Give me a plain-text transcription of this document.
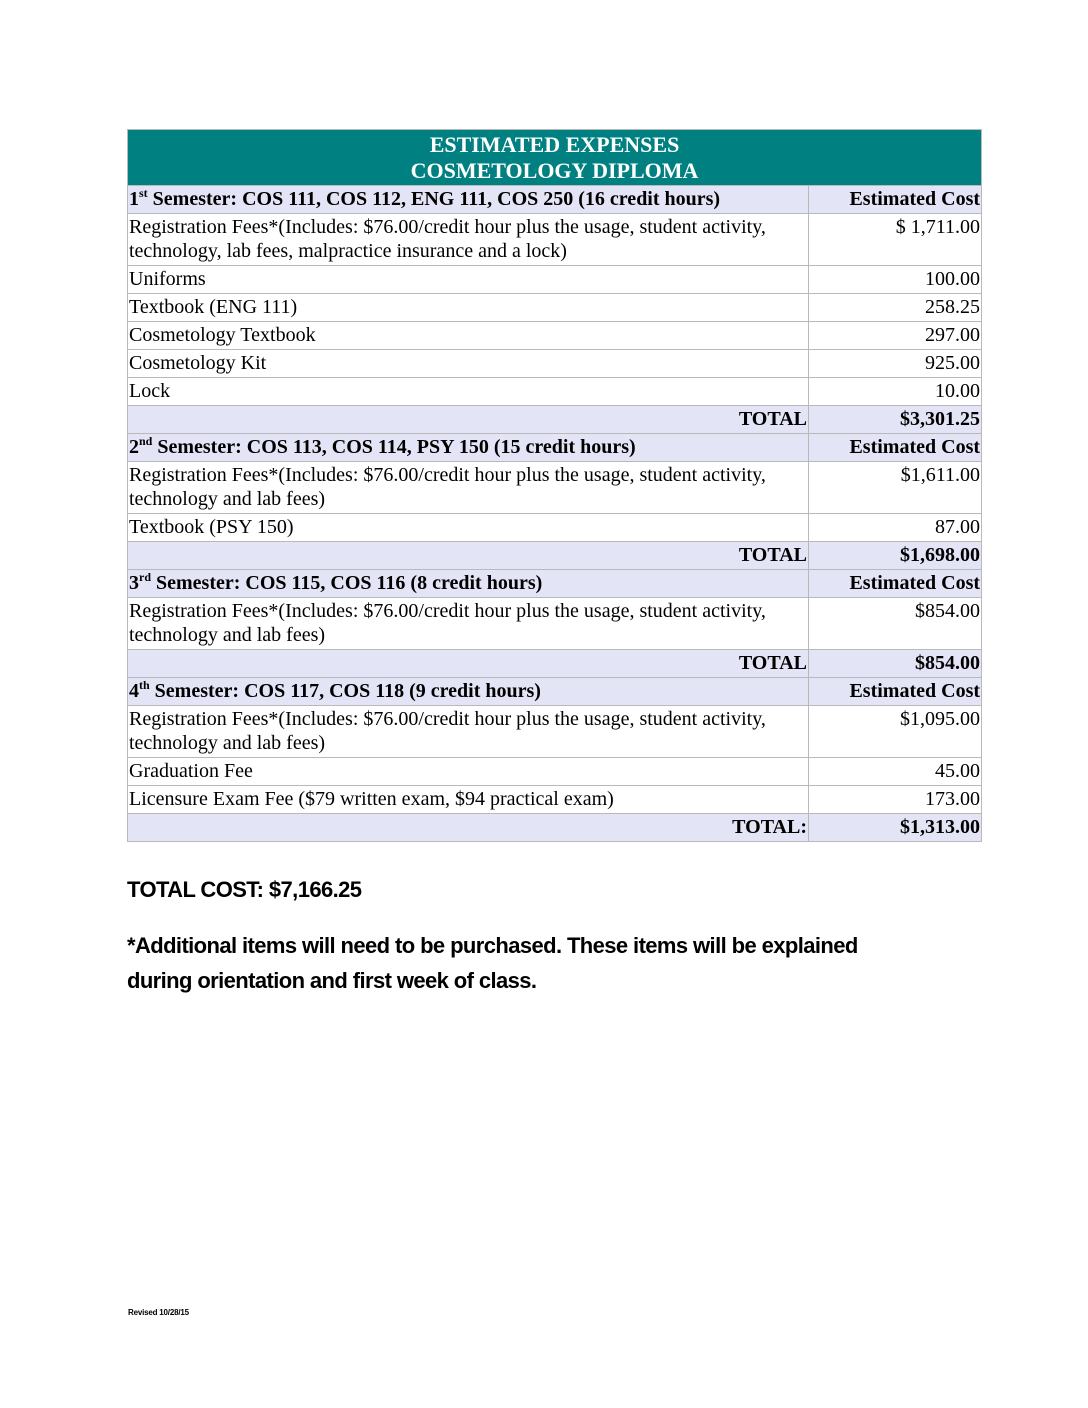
ESTIMATED EXPENSES
COSMETOLOGY DIPLOMA	

1st Semester: COS 111, COS 112, ENG 111, COS 250 (16 credit hours)	Estimated Cost
Registration Fees*(Includes: $76.00/credit hour plus the usage, student activity, technology, lab fees, malpractice insurance and a lock)	$ 1,711.00
Uniforms	100.00
Textbook (ENG 111)	258.25
Cosmetology Textbook	297.00
Cosmetology Kit	925.00
Lock	10.00
TOTAL	$3,301.25
2nd Semester: COS 113, COS 114, PSY 150 (15 credit hours)	Estimated Cost
Registration Fees*(Includes: $76.00/credit hour plus the usage, student activity, technology and lab fees)	$1,611.00
Textbook (PSY 150)	87.00
TOTAL	$1,698.00
3rd Semester: COS 115, COS 116 (8 credit hours)	Estimated Cost
Registration Fees*(Includes: $76.00/credit hour plus the usage, student activity, technology and lab fees)	$854.00
TOTAL	$854.00
4th Semester: COS 117, COS 118 (9 credit hours)	Estimated Cost
Registration Fees*(Includes: $76.00/credit hour plus the usage, student activity, technology and lab fees)	$1,095.00
Graduation Fee	45.00
Licensure Exam Fee ($79 written exam, $94 practical exam)	173.00
TOTAL:	$1,313.00
TOTAL COST: $7,166.25
*Additional items will need to be purchased. These items will be explained
during orientation and first week of class.
Revised 10/28/15
